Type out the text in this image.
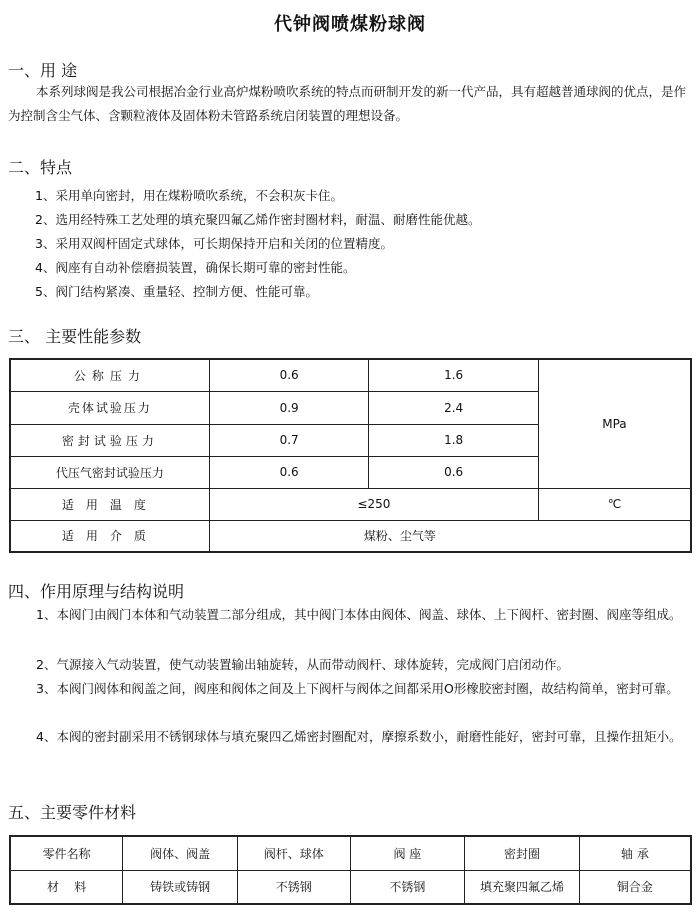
代钟阀喷煤粉球阀
一、用 途
本系列球阀是我公司根据冶金行业高炉煤粉喷吹系统的特点而研制开发的新一代产品，具有超越普通球阀的优点，是作为控制含尘气体、含颗粒液体及固体粉未管路系统启闭装置的理想设备。
二、特点
1、采用单向密封，用在煤粉喷吹系统，不会积灰卡住。
2、选用经特殊工艺处理的填充聚四氟乙烯作密封圈材料，耐温、耐磨性能优越。
3、采用双阀杆固定式球体，可长期保持开启和关闭的位置精度。
4、阀座有自动补偿磨损装置，确保长期可靠的密封性能。
5、阀门结构紧凑、重量轻、控制方便、性能可靠。
三、 主要性能参数
公称压力	0.6	1.6	MPa
壳体试验压力	0.9	2.4	
密封试验压力	0.7	1.8	
代压气密封试验压力	0.6	0.6	
适用温度	≤250		℃
适用介质	煤粉、尘气等		
四、作用原理与结构说明
1、本阀门由阀门本体和气动装置二部分组成，其中阀门本体由阀体、阀盖、球体、上下阀杆、密封圈、阀座等组成。
2、气源接入气动装置，使气动装置输出轴旋转，从而带动阀杆、球体旋转，完成阀门启闭动作。
3、本阀门阀体和阀盖之间，阀座和阀体之间及上下阀杆与阀体之间都采用O形橡胶密封圈，故结构简单，密封可靠。
4、本阀的密封副采用不锈钢球体与填充聚四乙烯密封圈配对，摩擦系数小，耐磨性能好，密封可靠，且操作扭矩小。
五、主要零件材料
零件名称	阀体、阀盖	阀杆、球体	阀 座	密封圈	轴 承
材    料	铸铁或铸钢	不锈钢	不锈钢	填充聚四氟乙烯	铜合金
